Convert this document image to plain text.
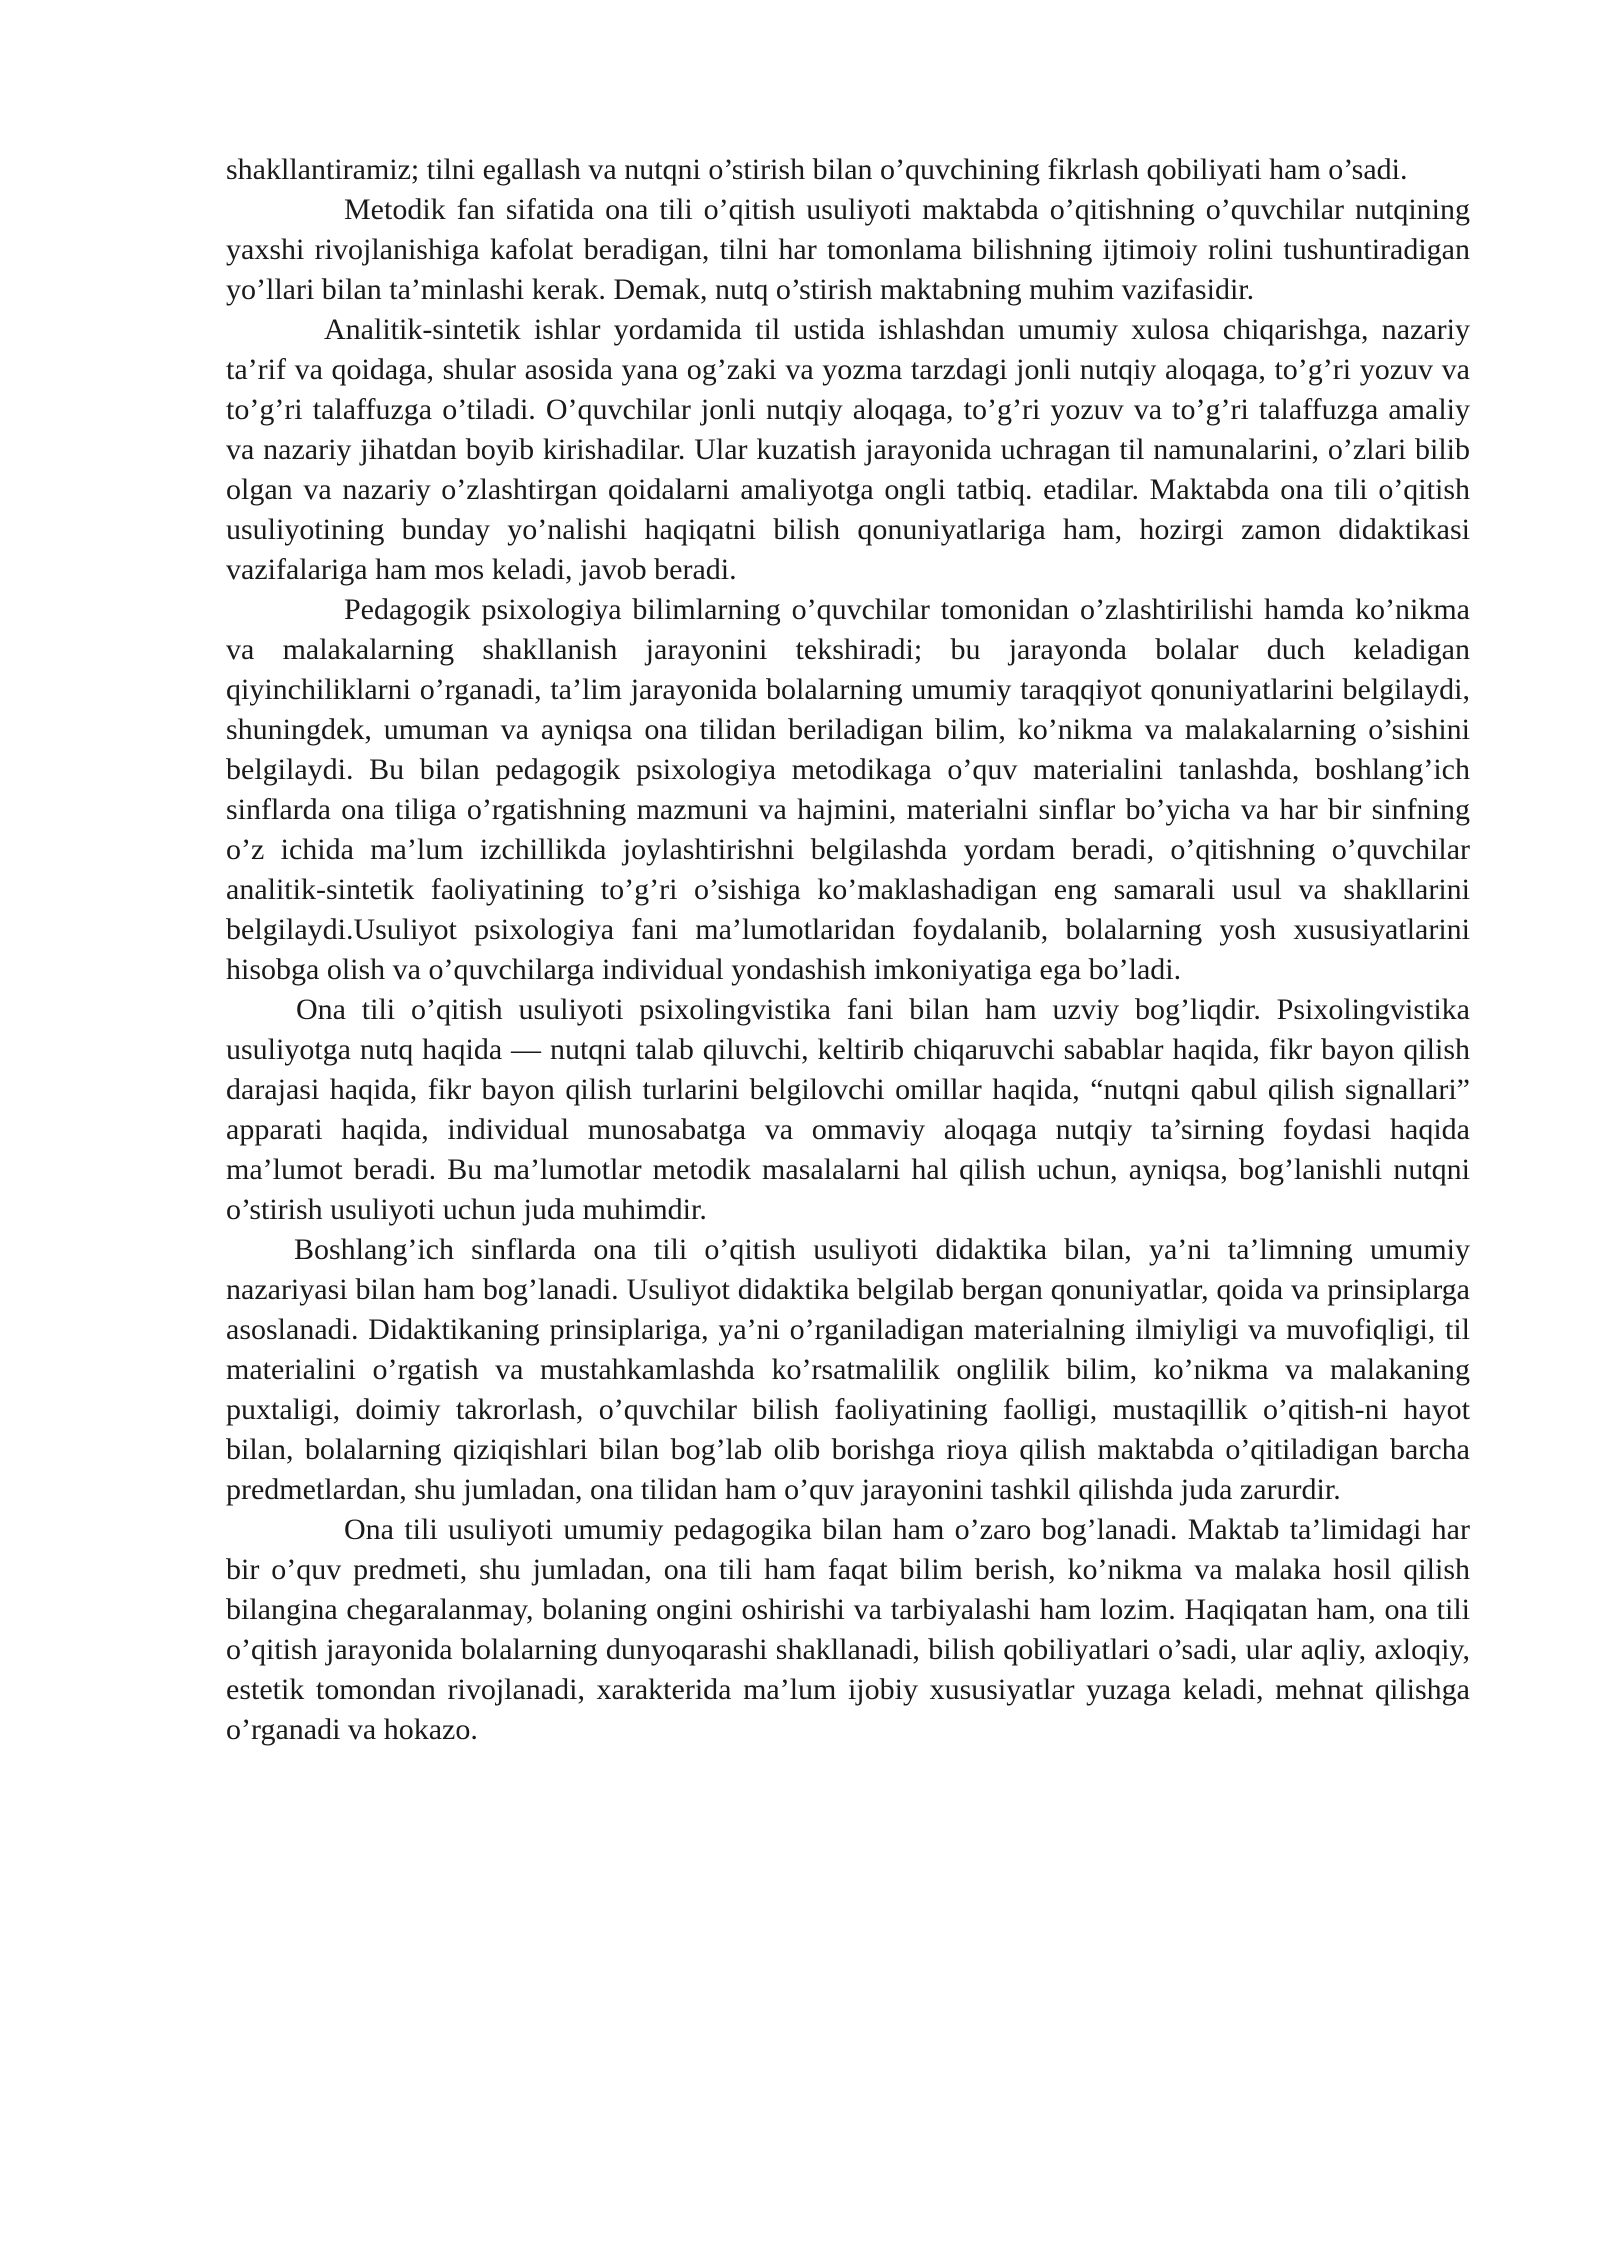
shakllantiramiz; tilni egallash va nutqni o’stirish bilan o’quvchining fikrlash qobiliyati ham o’sadi.

Metodik fan sifatida ona tili o’qitish usuliyoti maktabda o’qitishning o’quvchilar nutqining yaxshi rivojlanishiga kafolat beradigan, tilni har tomonlama bilishning ijtimoiy rolini tushuntiradigan yo’llari bilan ta’minlashi kerak. Demak, nutq o’stirish maktabning muhim vazifasidir.

Analitik-sintetik ishlar yordamida til ustida ishlashdan umumiy xulosa chiqarishga, nazariy ta’rif va qoidaga, shular asosida yana og’zaki va yozma tarzdagi jonli nutqiy aloqaga, to’g’ri yozuv va to’g’ri talaffuzga o’tiladi. O’quvchilar jonli nutqiy aloqaga, to’g’ri yozuv va to’g’ri talaffuzga amaliy va nazariy jihatdan boyib kirishadilar. Ular kuzatish jarayonida uchragan til namunalarini, o’zlari bilib olgan va nazariy o’zlashtirgan qoidalarni amaliyotga ongli tatbiq. etadilar. Maktabda ona tili o’qitish usuliyotining bunday yo’nalishi haqiqatni bilish qonuniyatlariga ham, hozirgi zamon didaktikasi vazifalariga ham mos keladi, javob beradi.

Pedagogik psixologiya bilimlarning o’quvchilar tomonidan o’zlashtirilishi hamda ko’nikma va malakalarning shakllanish jarayonini tekshiradi; bu jarayonda bolalar duch keladigan qiyinchiliklarni o’rganadi, ta’lim jarayonida bolalarning umumiy taraqqiyot qonuniyatlarini belgilaydi, shuningdek, umuman va ayniqsa ona tilidan beriladigan bilim, ko’nikma va malakalarning o’sishini belgilaydi. Bu bilan pedagogik psixologiya metodikaga o’quv materialini tanlashda, boshlang’ich sinflarda ona tiliga o’rgatishning mazmuni va hajmini, materialni sinflar bo’yicha va har bir sinfning o’z ichida ma’lum izchillikda joylashtirishni belgilashda yordam beradi, o’qitishning o’quvchilar analitik-sintetik faoliyatining to’g’ri o’sishiga ko’maklashadigan eng samarali usul va shakllarini belgilaydi.Usuliyot psixologiya fani ma’lumotlaridan foydalanib, bolalarning yosh xususiyatlarini hisobga olish va o’quvchilarga individual yondashish imkoniyatiga ega bo’ladi.

Ona tili o’qitish usuliyoti psixolingvistika fani bilan ham uzviy bog’liqdir. Psixolingvistika usuliyotga nutq haqida — nutqni talab qiluvchi, keltirib chiqaruvchi sabablar haqida, fikr bayon qilish darajasi haqida, fikr bayon qilish turlarini belgilovchi omillar haqida, “nutqni qabul qilish signallari” apparati haqida, individual munosabatga va ommaviy aloqaga nutqiy ta’sirning foydasi haqida ma’lumot beradi. Bu ma’lumotlar metodik masalalarni hal qilish uchun, ayniqsa, bog’lanishli nutqni o’stirish usuliyoti uchun juda muhimdir.

Boshlang’ich sinflarda ona tili o’qitish usuliyoti didaktika bilan, ya’ni ta’limning umumiy nazariyasi bilan ham bog’lanadi. Usuliyot didaktika belgilab bergan qonuniyatlar, qoida va prinsiplarga asoslanadi. Didaktikaning prinsiplariga, ya’ni o’rganiladigan materialning ilmiyligi va muvofiqligi, til materialini o’rgatish va mustahkamlashda ko’rsatmalilik onglilik bilim, ko’nikma va malakaning puxtaligi, doimiy takrorlash, o’quvchilar bilish faoliyatining faolligi, mustaqillik o’qitish-ni hayot bilan, bolalarning qiziqishlari bilan bog’lab olib borishga rioya qilish maktabda o’qitiladigan barcha predmetlardan, shu jumladan, ona tilidan ham o’quv jarayonini tashkil qilishda juda zarurdir.

Ona tili usuliyoti umumiy pedagogika bilan ham o’zaro bog’lanadi. Maktab ta’limidagi har bir o’quv predmeti, shu jumladan, ona tili ham faqat bilim berish, ko’nikma va malaka hosil qilish bilangina chegaralanmay, bolaning ongini oshirishi va tarbiyalashi ham lozim. Haqiqatan ham, ona tili o’qitish jarayonida bolalarning dunyoqarashi shakllanadi, bilish qobiliyatlari o’sadi, ular aqliy, axloqiy, estetik tomondan rivojlanadi, xarakterida ma’lum ijobiy xususiyatlar yuzaga keladi, mehnat qilishga o’rganadi va hokazo.
